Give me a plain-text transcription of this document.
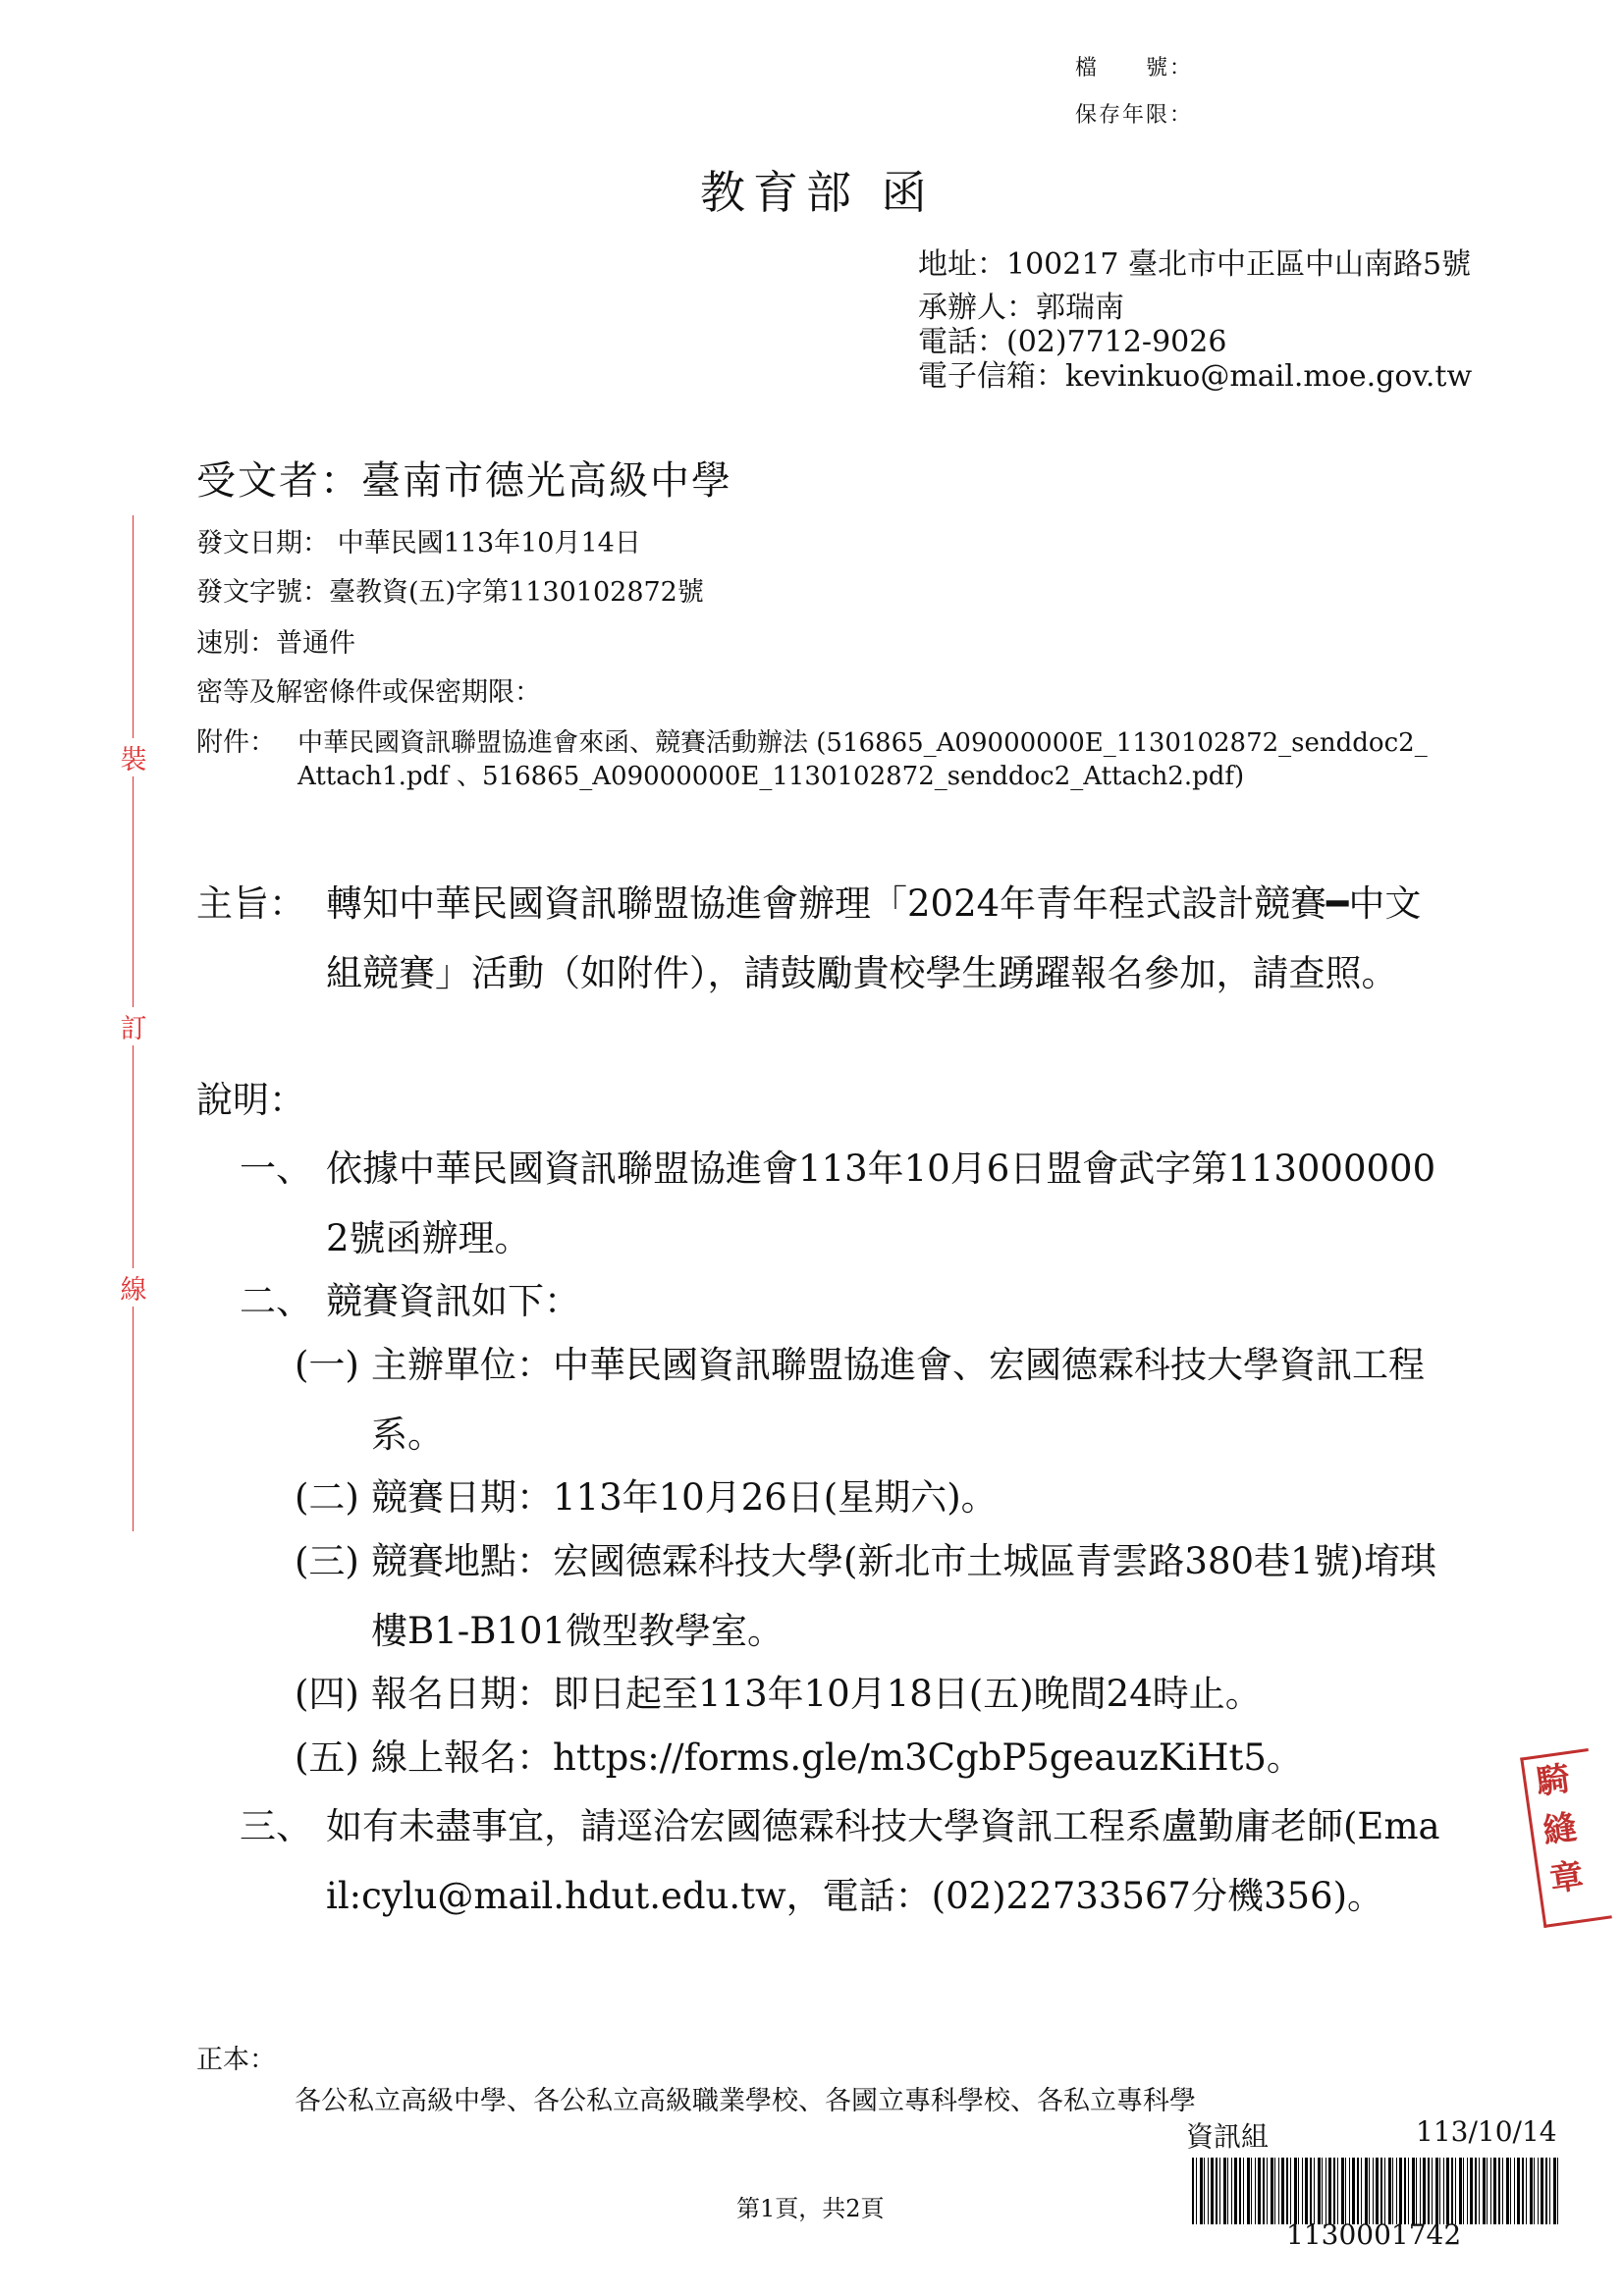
檔　　號：
保存年限：
教育部 函
地址：100217 臺北市中正區中山南路5號
承辦人：郭瑞南
電話：(02)7712-9026
電子信箱：kevinkuo@mail.moe.gov.tw
受文者：臺南市德光高級中學
裝
訂
線
發文日期： 中華民國113年10月14日
發文字號：臺教資(五)字第1130102872號
速別：普通件
密等及解密條件或保密期限：
附件： 中華民國資訊聯盟協進會來函、競賽活動辦法 (516865_A09000000E_1130102872_senddoc2_Attach1.pdf 、516865_A09000000E_1130102872_senddoc2_Attach2.pdf)
主旨： 轉知中華民國資訊聯盟協進會辦理「2024年青年程式設計競賽━中文組競賽」活動（如附件），請鼓勵貴校學生踴躍報名參加，請查照。
說明：
一、 依據中華民國資訊聯盟協進會113年10月6日盟會武字第1130000002號函辦理。
二、 競賽資訊如下：
(一) 主辦單位：中華民國資訊聯盟協進會、宏國德霖科技大學資訊工程系。
(二) 競賽日期：113年10月26日(星期六)。
(三) 競賽地點：宏國德霖科技大學(新北市土城區青雲路380巷1號)堉琪樓B1-B101微型教學室。
(四) 報名日期：即日起至113年10月18日(五)晚間24時止。
(五) 線上報名：https://forms.gle/m3CgbP5geauzKiHt5。
三、 如有未盡事宜，請逕洽宏國德霖科技大學資訊工程系盧勤庸老師(Email:cylu@mail.hdut.edu.tw，電話：(02)22733567分機356)。
騎縫章
正本：
各公私立高級中學、各公私立高級職業學校、各國立專科學校、各私立專科學
資訊組	113/10/14
1130001742
第1頁，共2頁
